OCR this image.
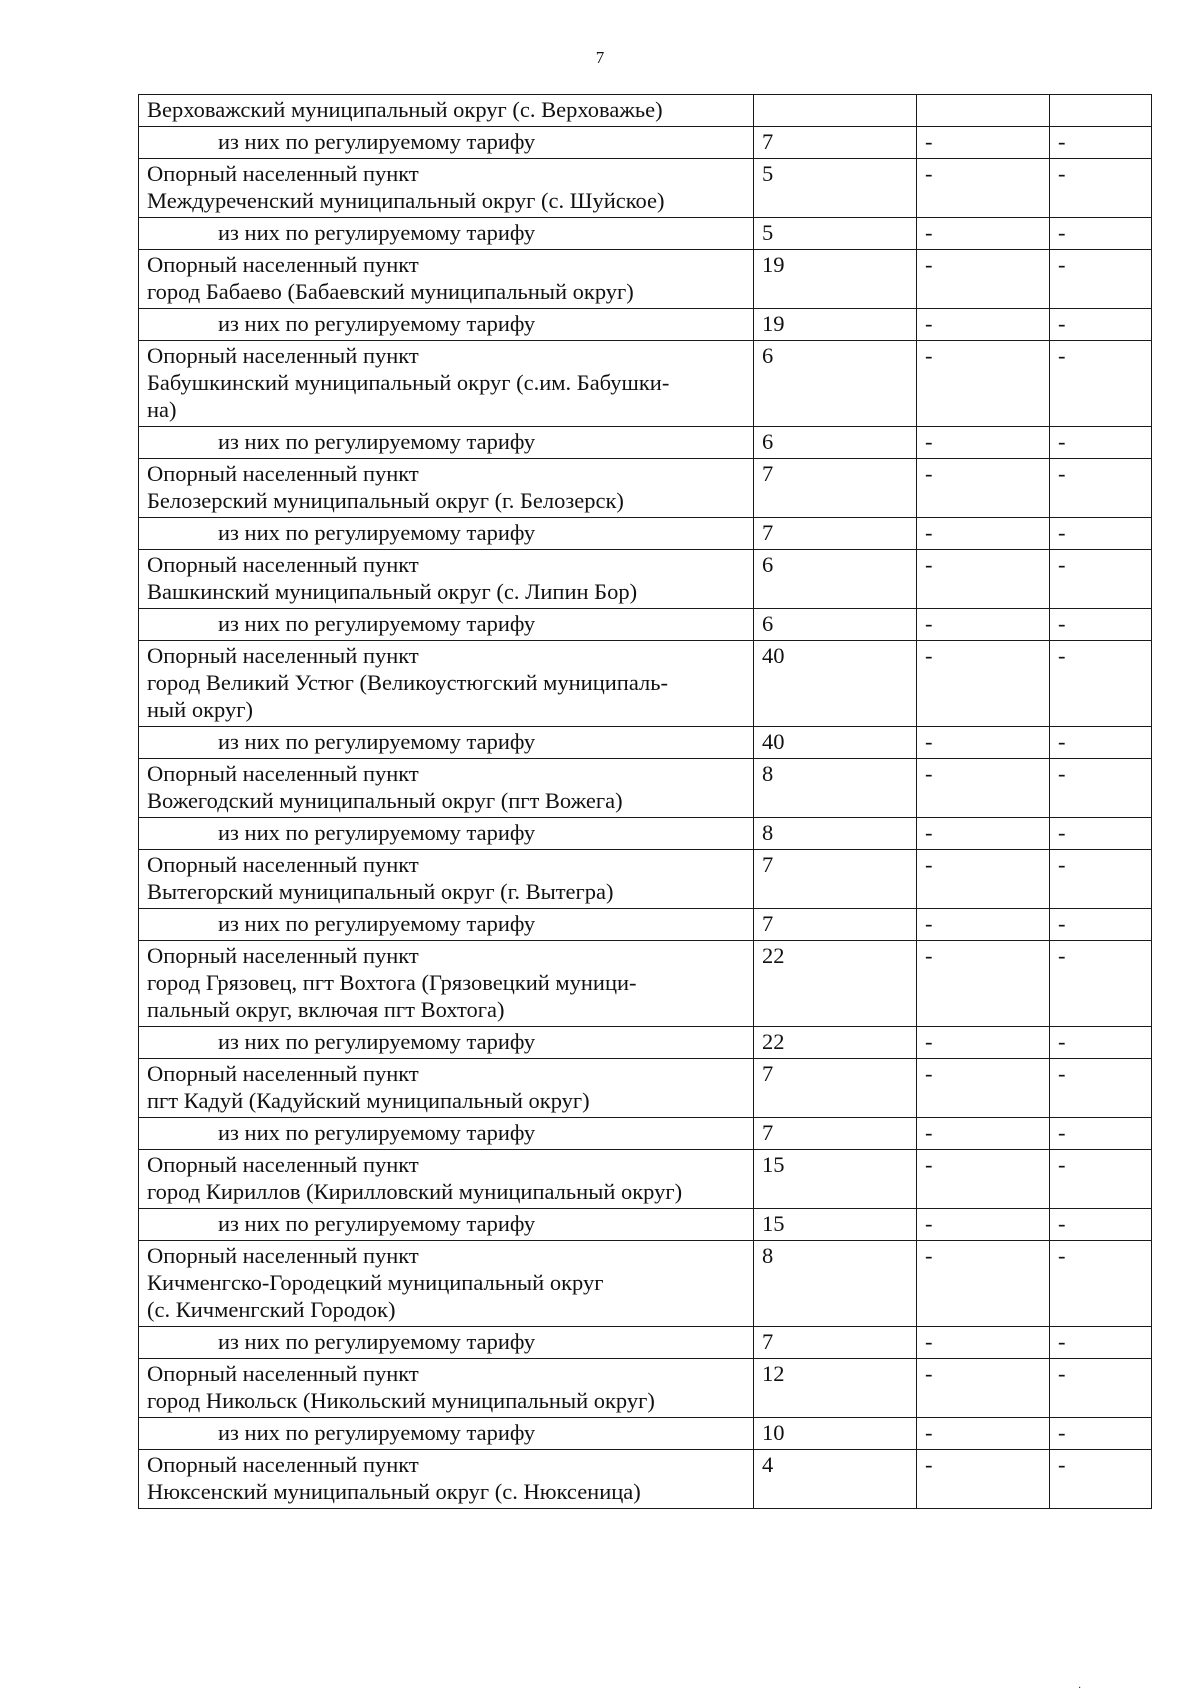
7
Верховажский муниципальный округ (с. Верховажье)			

из них по регулируемому тарифу	7	-	-

Опорный населенный пункт
Междуреченский муниципальный округ (с. Шуйское)	5	-	-

из них по регулируемому тарифу	5	-	-

Опорный населенный пункт
город Бабаево (Бабаевский муниципальный округ)	19	-	-

из них по регулируемому тарифу	19	-	-

Опорный населенный пункт
Бабушкинский муниципальный округ (с.им. Бабушки-
на)	6	-	-

из них по регулируемому тарифу	6	-	-

Опорный населенный пункт
Белозерский муниципальный округ (г. Белозерск)	7	-	-

из них по регулируемому тарифу	7	-	-

Опорный населенный пункт
Вашкинский муниципальный округ (с. Липин Бор)	6	-	-

из них по регулируемому тарифу	6	-	-

Опорный населенный пункт
город Великий Устюг (Великоустюгский муниципаль-
ный округ)	40	-	-

из них по регулируемому тарифу	40	-	-

Опорный населенный пункт
Вожегодский муниципальный округ (пгт Вожега)	8	-	-

из них по регулируемому тарифу	8	-	-

Опорный населенный пункт
Вытегорский муниципальный округ (г. Вытегра)	7	-	-

из них по регулируемому тарифу	7	-	-

Опорный населенный пункт
город Грязовец, пгт Вохтога (Грязовецкий муници-
пальный округ, включая пгт Вохтога)	22	-	-

из них по регулируемому тарифу	22	-	-

Опорный населенный пункт
пгт Кадуй (Кадуйский муниципальный округ)	7	-	-

из них по регулируемому тарифу	7	-	-

Опорный населенный пункт
город Кириллов (Кирилловский муниципальный округ)	15	-	-

из них по регулируемому тарифу	15	-	-

Опорный населенный пункт
Кичменгско-Городецкий муниципальный округ
(с. Кичменгский Городок)	8	-	-

из них по регулируемому тарифу	7	-	-

Опорный населенный пункт
город Никольск (Никольский муниципальный округ)	12	-	-

из них по регулируемому тарифу	10	-	-

Опорный населенный пункт
Нюксенский муниципальный округ (с. Нюксеница)	4	-	-
·
